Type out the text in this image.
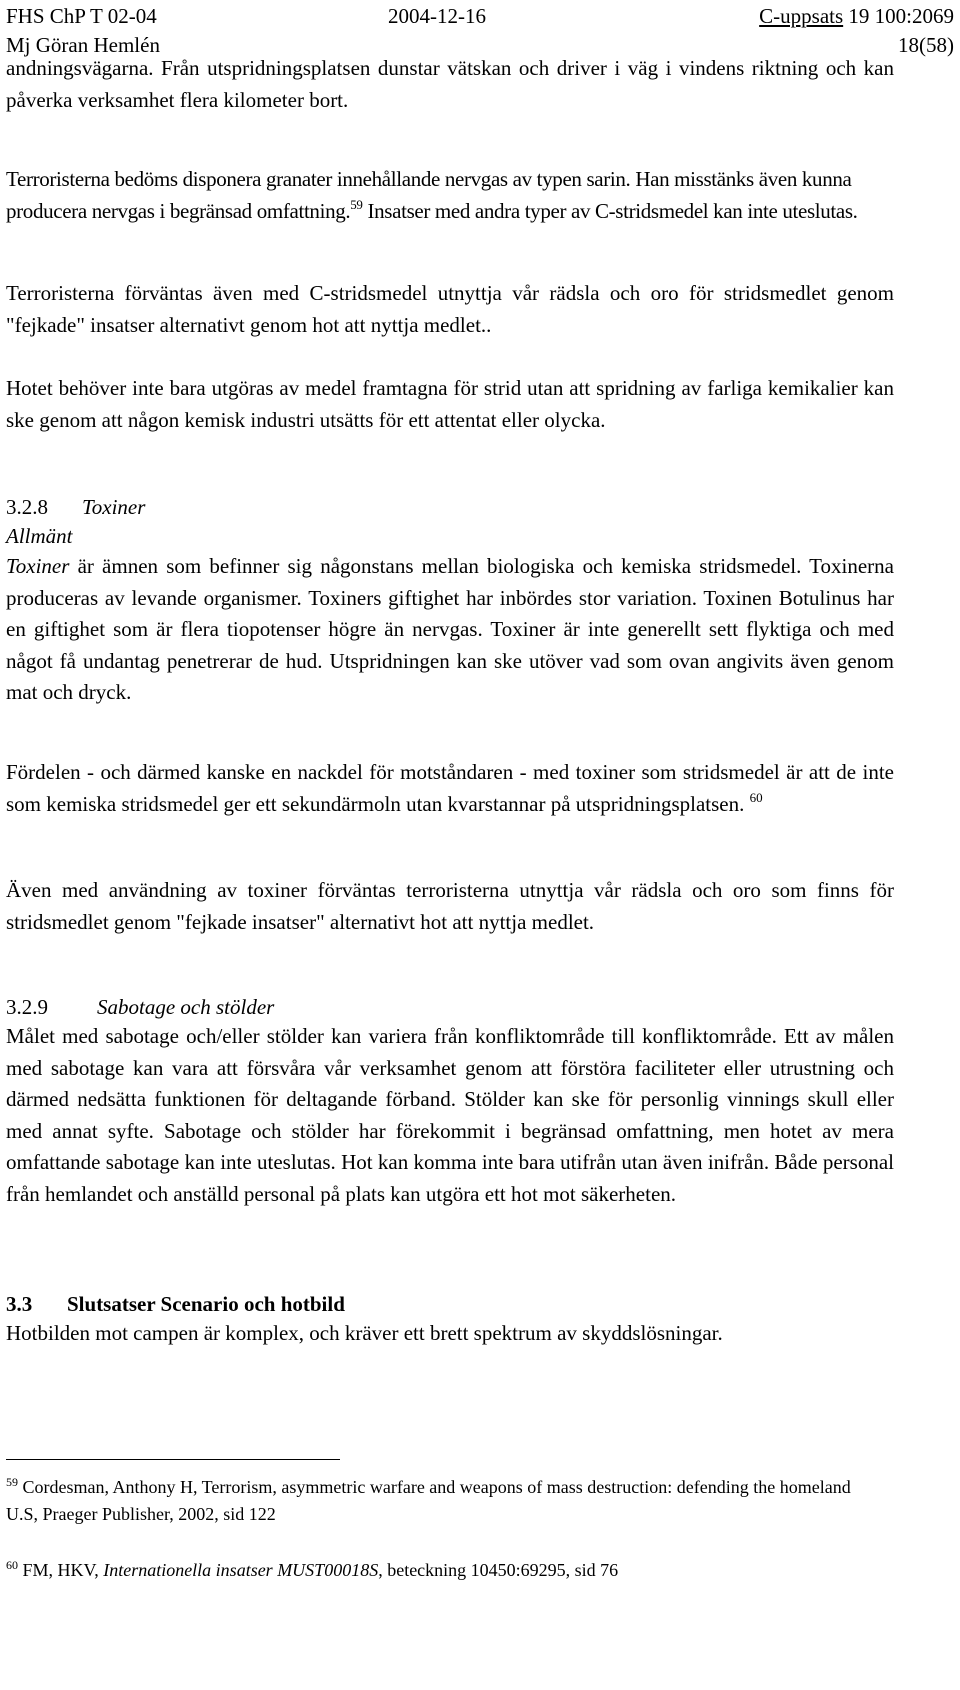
FHS ChP T 02-04	2004-12-16	C-uppsats 19 100:2069
Mj Göran Hemlén	18(58)

andningsvägarna. Från utspridningsplatsen dunstar vätskan och driver i väg i vindens riktning och kan påverka verksamhet flera kilometer bort.

Terroristerna bedöms disponera granater innehållande nervgas av typen sarin. Han misstänks även kunna producera nervgas i begränsad omfattning.$^{59}$ Insatser med andra typer av C-stridsmedel kan inte uteslutas.

Terroristerna förväntas även med C-stridsmedel utnyttja vår rädsla och oro för stridsmedlet genom "fejkade" insatser alternativt genom hot att nyttja medlet..

Hotet behöver inte bara utgöras av medel framtagna för strid utan att spridning av farliga kemikalier kan ske genom att någon kemisk industri utsätts för ett attentat eller olycka.

3.2.8 Toxiner

Allmänt

Toxiner är ämnen som befinner sig någonstans mellan biologiska och kemiska stridsmedel. Toxinerna produceras av levande organismer. Toxiners giftighet har inbördes stor variation. Toxinen Botulinus har en giftighet som är flera tiopotenser högre än nervgas. Toxiner är inte generellt sett flyktiga och med något få undantag penetrerar de hud. Utspridningen kan ske utöver vad som ovan angivits även genom mat och dryck.

Fördelen - och därmed kanske en nackdel för motståndaren - med toxiner som stridsmedel är att de inte som kemiska stridsmedel ger ett sekundärmoln utan kvarstannar på utspridningsplatsen. $^{60}$

Även med användning av toxiner förväntas terroristerna utnyttja vår rädsla och oro som finns för stridsmedlet genom "fejkade insatser" alternativt hot att nyttja medlet.

3.2.9 Sabotage och stölder

Målet med sabotage och/eller stölder kan variera från konfliktområde till konfliktområde. Ett av målen med sabotage kan vara att försvåra vår verksamhet genom att förstöra faciliteter eller utrustning och därmed nedsätta funktionen för deltagande förband. Stölder kan ske för personlig vinnings skull eller med annat syfte. Sabotage och stölder har förekommit i begränsad omfattning, men hotet av mera omfattande sabotage kan inte uteslutas. Hot kan komma inte bara utifrån utan även inifrån. Både personal från hemlandet och anställd personal på plats kan utgöra ett hot mot säkerheten.

3.3 Slutsatser Scenario och hotbild

Hotbilden mot campen är komplex, och kräver ett brett spektrum av skyddslösningar.

$^{59}$ Cordesman, Anthony H, Terrorism, asymmetric warfare and weapons of mass destruction: defending the homeland U.S, Praeger Publisher, 2002, sid 122

$^{60}$ FM, HKV, Internationella insatser MUST00018S, beteckning 10450:69295, sid 76
